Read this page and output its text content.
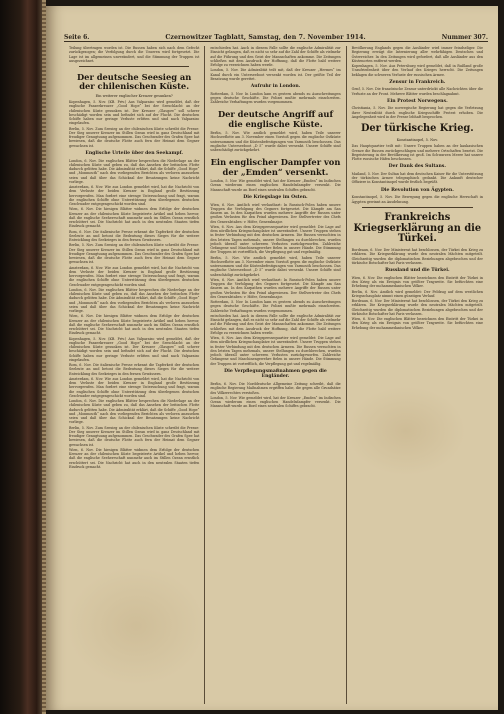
Seite 6.	Czernowitzer Tagblatt, Samstag, den 7. November 1914.	Nummer 307.

Teilung übertragen worden ist. Die Russen haben sich nach dem Gefecht zurückgezogen; die Verfolgung durch die Unseren wird fortgesetzt. Die Lage ist im allgemeinen unverändert, und die Stimmung der Truppen ist ausgezeichnet.

Der deutsche Seesieg an der chilenischen Küste.

Ein weiterer englischer Kreuzer gesunken?

Kopenhagen, 5. Nov. (KB. Priv.) Aus Valparaiso wird gemeldet, daß der englische Panzerkreuzer „Good Hope“ bei der Seeschlacht an der chilenischen Küste gesunken ist. Der Kreuzer „Glasgow“ soll schwer beschädigt worden sein und befindet sich auf der Flucht. Die deutschen Schiffe haben nur geringe Verluste erlitten und sind nach Valparaiso eingelaufen.

Berlin, 5. Nov. Zum Seesieg an der chilenischen Küste schreibt die Presse: Der Sieg unserer Kreuzer im Stillen Ozean wird in ganz Deutschland mit freudiger Genugtuung aufgenommen. Das Geschwader des Grafen Spee hat bewiesen, daß die deutsche Flotte auch fern der Heimat dem Gegner gewachsen ist.

Englische Urteile über den Seekampf.

London, 6. Nov. Die englischen Blätter besprechen die Niederlage an der chilenischen Küste und geben zu, daß das Ansehen der britischen Flotte dadurch gelitten habe. Die Admiralität erklärt, daß die Schiffe „Good Hope“ und „Monmouth“ nach den vorliegenden Berichten als verloren anzusehen seien und daß über das Schicksal der Besatzungen keine Nachricht vorliege.

Amsterdam, 6. Nov. Wie aus London gemeldet wird, hat die Nachricht von dem Verluste der beiden Kreuzer in England große Bestürzung hervorgerufen. Man fordert eine strenge Untersuchung und fragt, warum die englischen Schiffe ohne Unterstützung dem überlegenen deutschen Geschwader entgegengeschickt worden sind.

Wien, 6. Nov. Die hiesigen Blätter widmen dem Erfolge der deutschen Kreuzer an der chilenischen Küste begeisterte Artikel und heben hervor, daß die englische Seeherrschaft nunmehr auch im Stillen Ozean ernstlich erschüttert sei. Die Nachricht hat auch in den neutralen Staaten tiefen Eindruck gemacht.

Rom, 6. Nov. Die italienische Presse erkennt die Tapferkeit der deutschen Seeleute an und betont die Bedeutung dieses Sieges für die weitere Entwicklung des Seekrieges in den fernen Gewässern.

Berlin, 5. Nov. Zum Seesieg an der chilenischen Küste schreibt die Presse: Der Sieg unserer Kreuzer im Stillen Ozean wird in ganz Deutschland mit freudiger Genugtuung aufgenommen. Das Geschwader des Grafen Spee hat bewiesen, daß die deutsche Flotte auch fern der Heimat dem Gegner gewachsen ist.

Amsterdam, 6. Nov. Wie aus London gemeldet wird, hat die Nachricht von dem Verluste der beiden Kreuzer in England große Bestürzung hervorgerufen. Man fordert eine strenge Untersuchung und fragt, warum die englischen Schiffe ohne Unterstützung dem überlegenen deutschen Geschwader entgegengeschickt worden sind.

London, 6. Nov. Die englischen Blätter besprechen die Niederlage an der chilenischen Küste und geben zu, daß das Ansehen der britischen Flotte dadurch gelitten habe. Die Admiralität erklärt, daß die Schiffe „Good Hope“ und „Monmouth“ nach den vorliegenden Berichten als verloren anzusehen seien und daß über das Schicksal der Besatzungen keine Nachricht vorliege.

Wien, 6. Nov. Die hiesigen Blätter widmen dem Erfolge der deutschen Kreuzer an der chilenischen Küste begeisterte Artikel und heben hervor, daß die englische Seeherrschaft nunmehr auch im Stillen Ozean ernstlich erschüttert sei. Die Nachricht hat auch in den neutralen Staaten tiefen Eindruck gemacht.

Kopenhagen, 5. Nov. (KB. Priv.) Aus Valparaiso wird gemeldet, daß der englische Panzerkreuzer „Good Hope“ bei der Seeschlacht an der chilenischen Küste gesunken ist. Der Kreuzer „Glasgow“ soll schwer beschädigt worden sein und befindet sich auf der Flucht. Die deutschen Schiffe haben nur geringe Verluste erlitten und sind nach Valparaiso eingelaufen.

Rom, 6. Nov. Die italienische Presse erkennt die Tapferkeit der deutschen Seeleute an und betont die Bedeutung dieses Sieges für die weitere Entwicklung des Seekrieges in den fernen Gewässern.

Amsterdam, 6. Nov. Wie aus London gemeldet wird, hat die Nachricht von dem Verluste der beiden Kreuzer in England große Bestürzung hervorgerufen. Man fordert eine strenge Untersuchung und fragt, warum die englischen Schiffe ohne Unterstützung dem überlegenen deutschen Geschwader entgegengeschickt worden sind.

London, 6. Nov. Die englischen Blätter besprechen die Niederlage an der chilenischen Küste und geben zu, daß das Ansehen der britischen Flotte dadurch gelitten habe. Die Admiralität erklärt, daß die Schiffe „Good Hope“ und „Monmouth“ nach den vorliegenden Berichten als verloren anzusehen seien und daß über das Schicksal der Besatzungen keine Nachricht vorliege.

Berlin, 5. Nov. Zum Seesieg an der chilenischen Küste schreibt die Presse: Der Sieg unserer Kreuzer im Stillen Ozean wird in ganz Deutschland mit freudiger Genugtuung aufgenommen. Das Geschwader des Grafen Spee hat bewiesen, daß die deutsche Flotte auch fern der Heimat dem Gegner gewachsen ist.

Wien, 6. Nov. Die hiesigen Blätter widmen dem Erfolge der deutschen Kreuzer an der chilenischen Küste begeisterte Artikel und heben hervor, daß die englische Seeherrschaft nunmehr auch im Stillen Ozean ernstlich erschüttert sei. Die Nachricht hat auch in den neutralen Staaten tiefen Eindruck gemacht.

entschieden hat. Auch in diesem Falle sollte die englische Admiralität zur Einsicht gelangen, daß es nicht so sehr auf die Zahl der Schiffe als vielmehr auf die Führung und den Geist der Mannschaften ankomme. Die Zeitungen schließen mit dem Ausdruck der Hoffnung, daß die Flotte bald weitere Erfolge zu verzeichnen haben werde.

London, 5. Nov. Die Admiralität teilt mit, daß der Kreuzer „Hermes“ im Kanal durch ein Unterseeboot versenkt worden ist. Der größte Teil der Besatzung wurde gerettet.

Aufruhr in London.

Rotterdam, 5. Nov. In London kam es gestern abends zu Ausschreitungen gegen deutsche Geschäfte. Die Polizei mußte mehrmals einschreiten. Zahlreiche Verhaftungen wurden vorgenommen.

Der deutsche Angriff auf die englische Küste.

Berlin, 5. Nov. Wie amtlich gemeldet wird, haben Teile unserer Hochseeflotte am 3. November einen Vorstoß gegen die englische Ostküste unternommen und die Küstenbefestigungen von Yarmouth beschossen. Das englische Unterseeboot „D 5“ wurde dabei versenkt. Unsere Schiffe sind unbeschädigt zurückgekehrt.

Ein englischer Dampfer von der „Emden“ versenkt.

London, 5. Nov. Wie gemeldet wird, hat der Kreuzer „Emden“ im Indischen Ozean wiederum einen englischen Handelsdampfer versenkt. Die Mannschaft wurde an Bord eines neutralen Schiffes gebracht.

Die Kriegslage im Osten.

Wien, 6. Nov. Amtlich wird verlautbart: In Russisch-Polen haben unsere Truppen die Verfolgung des Gegners fortgesetzt. Die Kämpfe am San dauern an. In den Karpathen wurden mehrere Angriffe der Russen unter großen Verlusten für den Feind abgewiesen. Der Stellvertreter des Chefs des Generalstabes: v. Höfer, Generalmajor.

Wien, 6. Nov. Aus dem Kriegspressequartier wird gemeldet: Die Lage auf dem nördlichen Kriegsschauplatze ist unverändert. Unsere Truppen stehen in fester Verbindung mit den deutschen Armeen. Die Russen versuchten in den letzten Tagen mehrmals, unsere Stellungen zu durchbrechen, wurden jedoch überall unter schweren Verlusten zurückgeworfen. Zahlreiche Gefangene und Maschinengewehre fielen in unsere Hände. Die Stimmung der Truppen ist vortrefflich, die Verpflegung gut und regelmäßig.

Berlin, 5. Nov. Wie amtlich gemeldet wird, haben Teile unserer Hochseeflotte am 3. November einen Vorstoß gegen die englische Ostküste unternommen und die Küstenbefestigungen von Yarmouth beschossen. Das englische Unterseeboot „D 5“ wurde dabei versenkt. Unsere Schiffe sind unbeschädigt zurückgekehrt.

Wien, 6. Nov. Amtlich wird verlautbart: In Russisch-Polen haben unsere Truppen die Verfolgung des Gegners fortgesetzt. Die Kämpfe am San dauern an. In den Karpathen wurden mehrere Angriffe der Russen unter großen Verlusten für den Feind abgewiesen. Der Stellvertreter des Chefs des Generalstabes: v. Höfer, Generalmajor.

Rotterdam, 5. Nov. In London kam es gestern abends zu Ausschreitungen gegen deutsche Geschäfte. Die Polizei mußte mehrmals einschreiten. Zahlreiche Verhaftungen wurden vorgenommen.

entschieden hat. Auch in diesem Falle sollte die englische Admiralität zur Einsicht gelangen, daß es nicht so sehr auf die Zahl der Schiffe als vielmehr auf die Führung und den Geist der Mannschaften ankomme. Die Zeitungen schließen mit dem Ausdruck der Hoffnung, daß die Flotte bald weitere Erfolge zu verzeichnen haben werde.

Wien, 6. Nov. Aus dem Kriegspressequartier wird gemeldet: Die Lage auf dem nördlichen Kriegsschauplatze ist unverändert. Unsere Truppen stehen in fester Verbindung mit den deutschen Armeen. Die Russen versuchten in den letzten Tagen mehrmals, unsere Stellungen zu durchbrechen, wurden jedoch überall unter schweren Verlusten zurückgeworfen. Zahlreiche Gefangene und Maschinengewehre fielen in unsere Hände. Die Stimmung der Truppen ist vortrefflich, die Verpflegung gut und regelmäßig.

Die Verpflegungsmaßnahmen gegen die Engländer.

Berlin, 6. Nov. Die Norddeutsche Allgemeine Zeitung schreibt, daß die englische Regierung Maßnahmen ergriffen habe, die gegen alle Grundsätze des Völkerrechtes verstoßen.

London, 5. Nov. Wie gemeldet wird, hat der Kreuzer „Emden“ im Indischen Ozean wiederum einen englischen Handelsdampfer versenkt. Die Mannschaft wurde an Bord eines neutralen Schiffes gebracht.

Bevölkerung Englands gegen die Ausländer wird immer feindseliger. Die Regierung erwägt die Internierung aller wehrfähigen Deutschen und Österreicher. In den Zeitungen wird gefordert, daß alle Ausländer aus den Küstenorten entfernt werden.

Kopenhagen, 5. Nov. Aus Petersburg wird gemeldet, daß in Rußland große Unzufriedenheit über den Verlauf des Krieges herrscht. Die Zeitungen beklagen die schweren Verluste der russischen Armee.

Zensur in Frankreich.

Genf, 5. Nov. Die französische Zensur unterdrückt alle Nachrichten über die Verluste an der Front. Mehrere Blätter wurden beschlagnahmt.

Ein Protest Norwegens.

Christiania, 5. Nov. Die norwegische Regierung hat gegen die Verletzung ihrer Neutralität durch englische Kriegsschiffe Protest erhoben. Die Angelegenheit wird in der Presse lebhaft besprochen.

Der türkische Krieg.

Konstantinopel, 5. Nov.

Das Hauptquartier teilt mit: Unsere Truppen haben an der kaukasischen Grenze die Russen zurückgeschlagen und mehrere Ortschaften besetzt. Die Begeisterung in der Bevölkerung ist groß. Im Schwarzen Meere hat unsere Flotte russische Häfen beschossen.

Der Dank des Sultans.

Mailand, 5. Nov. Der Sultan hat dem deutschen Kaiser für die Unterstützung der türkischen Armee telegraphisch gedankt. Die Ankunft deutscher Offiziere in Konstantinopel wurde festlich begrüßt.

Die Revolution von Ägypten.

Konstantinopel, 5. Nov. Die Bewegung gegen die englische Herrschaft in Ägypten gewinnt an Ausdehnung.

Frankreichs Kriegserklärung an die Türkei.

Bordeaux, 6. Nov. Der Ministerrat hat beschlossen, der Türkei den Krieg zu erklären. Die Kriegserklärung wurde den neutralen Mächten mitgeteilt. Gleichzeitig wurden die diplomatischen Beziehungen abgebrochen und der türkische Botschafter hat Paris verlassen.

Russland und die Türkei.

Wien, 6. Nov. Die englischen Blätter bezeichnen den Eintritt der Türkei in den Krieg als ein Ereignis von größter Tragweite. Sie befürchten eine Erhebung der mohammedanischen Völker.

Berlin, 6. Nov. Amtlich wird gemeldet: Der Feldzug auf dem westlichen Kriegsschauplatz nimmt einen günstigen Verlauf.

Bordeaux, 6. Nov. Der Ministerrat hat beschlossen, der Türkei den Krieg zu erklären. Die Kriegserklärung wurde den neutralen Mächten mitgeteilt. Gleichzeitig wurden die diplomatischen Beziehungen abgebrochen und der türkische Botschafter hat Paris verlassen.

Wien, 6. Nov. Die englischen Blätter bezeichnen den Eintritt der Türkei in den Krieg als ein Ereignis von größter Tragweite. Sie befürchten eine Erhebung der mohammedanischen Völker.
